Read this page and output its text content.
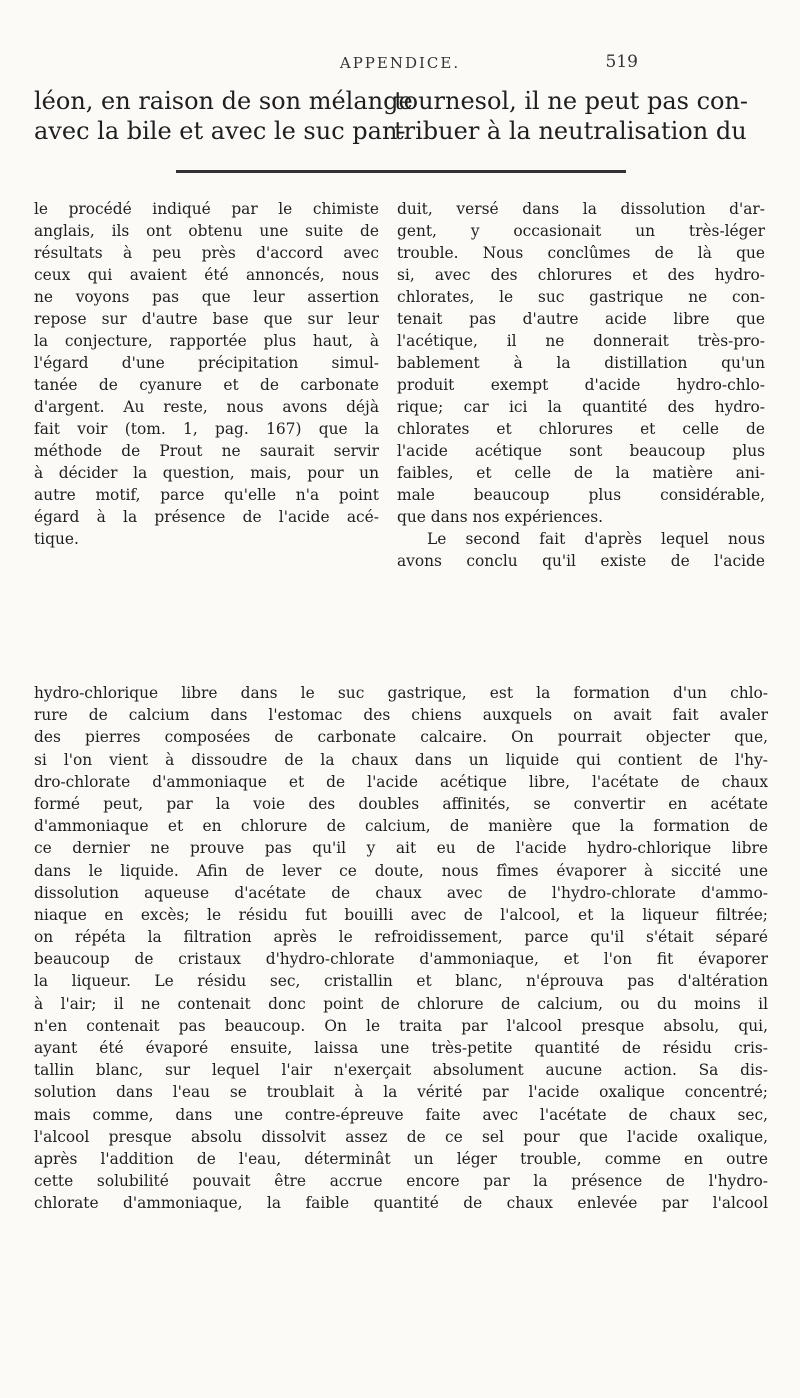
APPENDICE.	519
léon, en raison de son mélange
avec la bile et avec le suc pan-
tournesol, il ne peut pas con-
tribuer à la neutralisation du
le procédé indiqué par le chimiste
anglais, ils ont obtenu une suite de
résultats à peu près d'accord avec
ceux qui avaient été annoncés, nous
ne voyons pas que leur assertion
repose sur d'autre base que sur leur
la conjecture, rapportée plus haut, à
l'égard d'une précipitation simul-
tanée de cyanure et de carbonate
d'argent. Au reste, nous avons déjà
fait voir (tom. 1, pag. 167) que la
méthode de Prout ne saurait servir
à décider la question, mais, pour un
autre motif, parce qu'elle n'a point
égard à la présence de l'acide acé-
tique.
duit, versé dans la dissolution d'ar-
gent, y occasionait un très-léger
trouble. Nous conclûmes de là que
si, avec des chlorures et des hydro-
chlorates, le suc gastrique ne con-
tenait pas d'autre acide libre que
l'acétique, il ne donnerait très-pro-
bablement à la distillation qu'un
produit exempt d'acide hydro-chlo-
rique; car ici la quantité des hydro-
chlorates et chlorures et celle de
l'acide acétique sont beaucoup plus
faibles, et celle de la matière ani-
male beaucoup plus considérable,
que dans nos expériences.
Le second fait d'après lequel nous
avons conclu qu'il existe de l'acide
hydro-chlorique libre dans le suc gastrique, est la formation d'un chlo-
rure de calcium dans l'estomac des chiens auxquels on avait fait avaler
des pierres composées de carbonate calcaire. On pourrait objecter que,
si l'on vient à dissoudre de la chaux dans un liquide qui contient de l'hy-
dro-chlorate d'ammoniaque et de l'acide acétique libre, l'acétate de chaux
formé peut, par la voie des doubles affinités, se convertir en acétate
d'ammoniaque et en chlorure de calcium, de manière que la formation de
ce dernier ne prouve pas qu'il y ait eu de l'acide hydro-chlorique libre
dans le liquide. Afin de lever ce doute, nous fîmes évaporer à siccité une
dissolution aqueuse d'acétate de chaux avec de l'hydro-chlorate d'ammo-
niaque en excès; le résidu fut bouilli avec de l'alcool, et la liqueur filtrée;
on répéta la filtration après le refroidissement, parce qu'il s'était séparé
beaucoup de cristaux d'hydro-chlorate d'ammoniaque, et l'on fit évaporer
la liqueur. Le résidu sec, cristallin et blanc, n'éprouva pas d'altération
à l'air; il ne contenait donc point de chlorure de calcium, ou du moins il
n'en contenait pas beaucoup. On le traita par l'alcool presque absolu, qui,
ayant été évaporé ensuite, laissa une très-petite quantité de résidu cris-
tallin blanc, sur lequel l'air n'exerçait absolument aucune action. Sa dis-
solution dans l'eau se troublait à la vérité par l'acide oxalique concentré;
mais comme, dans une contre-épreuve faite avec l'acétate de chaux sec,
l'alcool presque absolu dissolvit assez de ce sel pour que l'acide oxalique,
après l'addition de l'eau, déterminât un léger trouble, comme en outre
cette solubilité pouvait être accrue encore par la présence de l'hydro-
chlorate d'ammoniaque, la faible quantité de chaux enlevée par l'alcool
